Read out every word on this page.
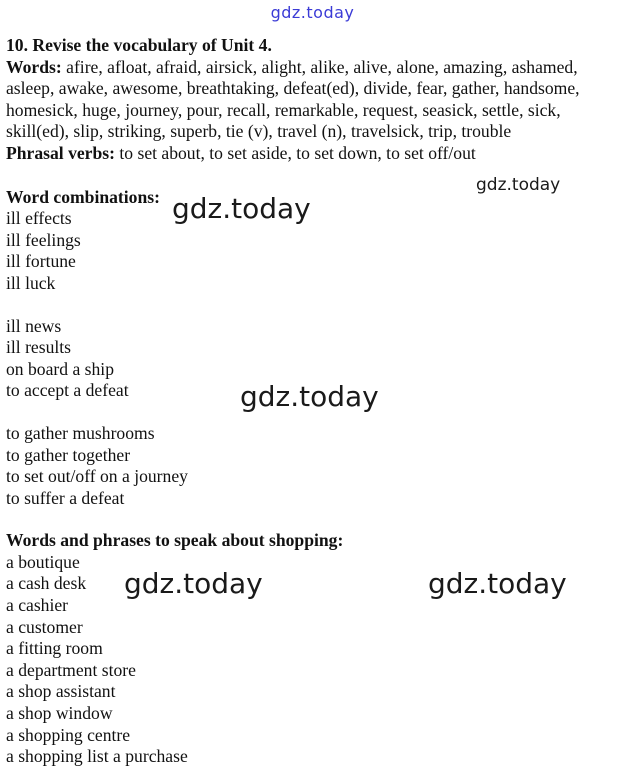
gdz.today

10. Revise the vocabulary of Unit 4.

Words: afire, afloat, afraid, airsick, alight, alike, alive, alone, amazing, ashamed, asleep, awake, awesome, breathtaking, defeat(ed), divide, fear, gather, handsome, homesick, huge, journey, pour, recall, remarkable, request, seasick, settle, sick, skill(ed), slip, striking, superb, tie (v), travel (n), travelsick, trip, trouble

Phrasal verbs: to set about, to set aside, to set down, to set off/out

Word combinations:

ill effects
ill feelings
ill fortune
ill luck
ill news
ill results
on board a ship
to accept a defeat
to gather mushrooms
to gather together
to set out/off on a journey
to suffer a defeat

Words and phrases to speak about shopping:

a boutique
a cash desk
a cashier
a customer
a fitting room
a department store
a shop assistant
a shop window
a shopping centre
a shopping list a purchase
gdz.today
gdz.today
gdz.today
gdz.today	gdz.today
